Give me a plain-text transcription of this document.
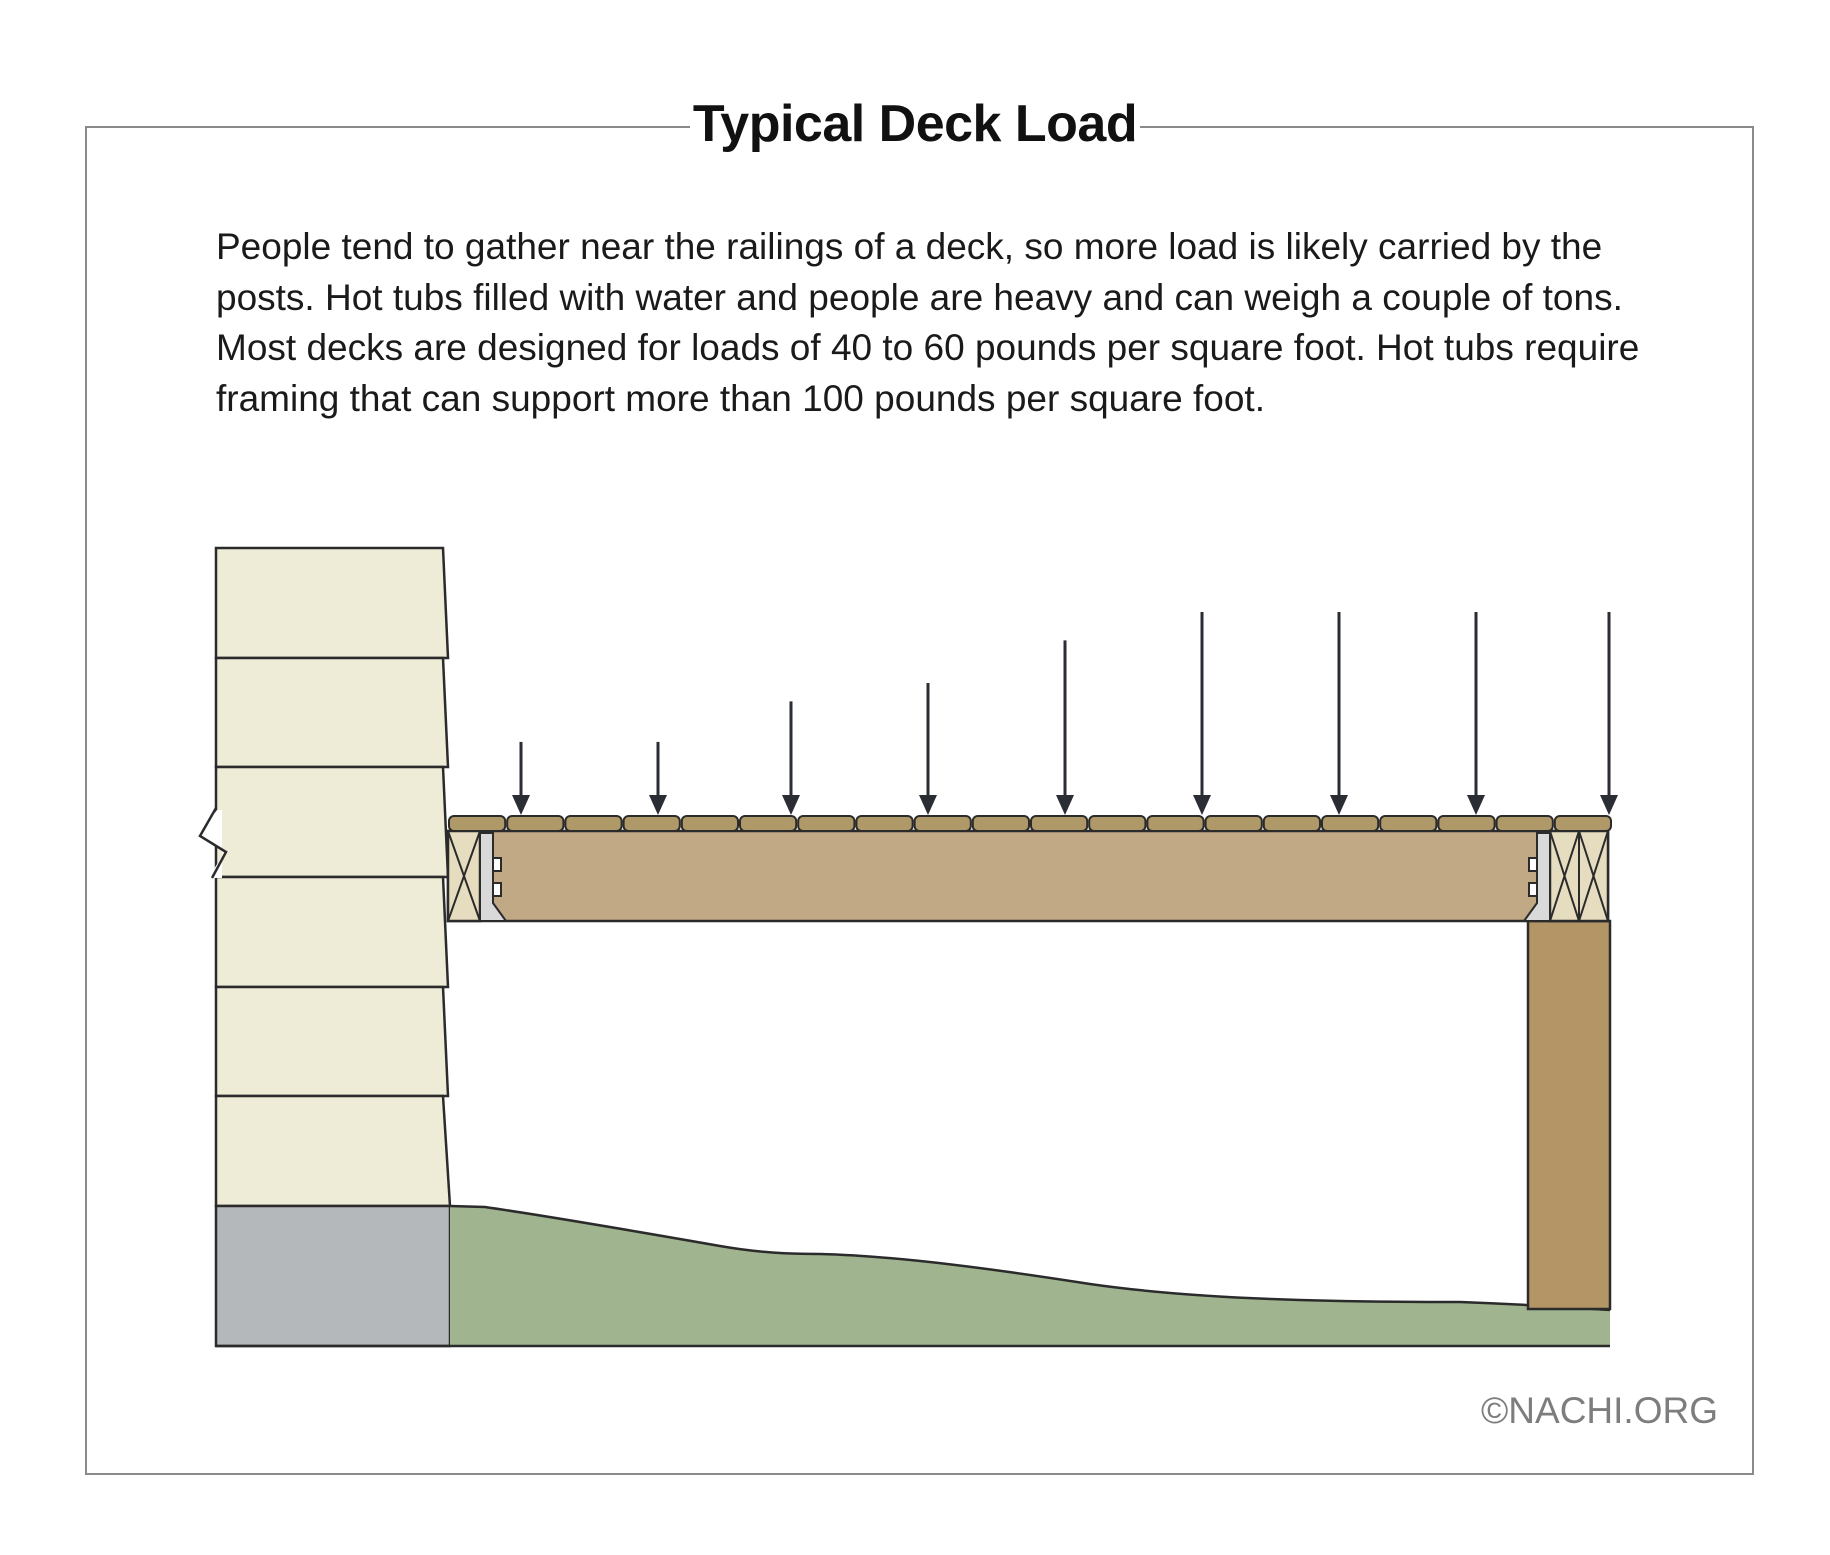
Typical Deck Load

People tend to gather near the railings of a deck, so more load is likely carried by the posts. Hot tubs filled with water and people are heavy and can weigh a couple of tons. Most decks are designed for loads of 40 to 60 pounds per square foot. Hot tubs require framing that can support more than 100 pounds per square foot.

©NACHI.ORG
